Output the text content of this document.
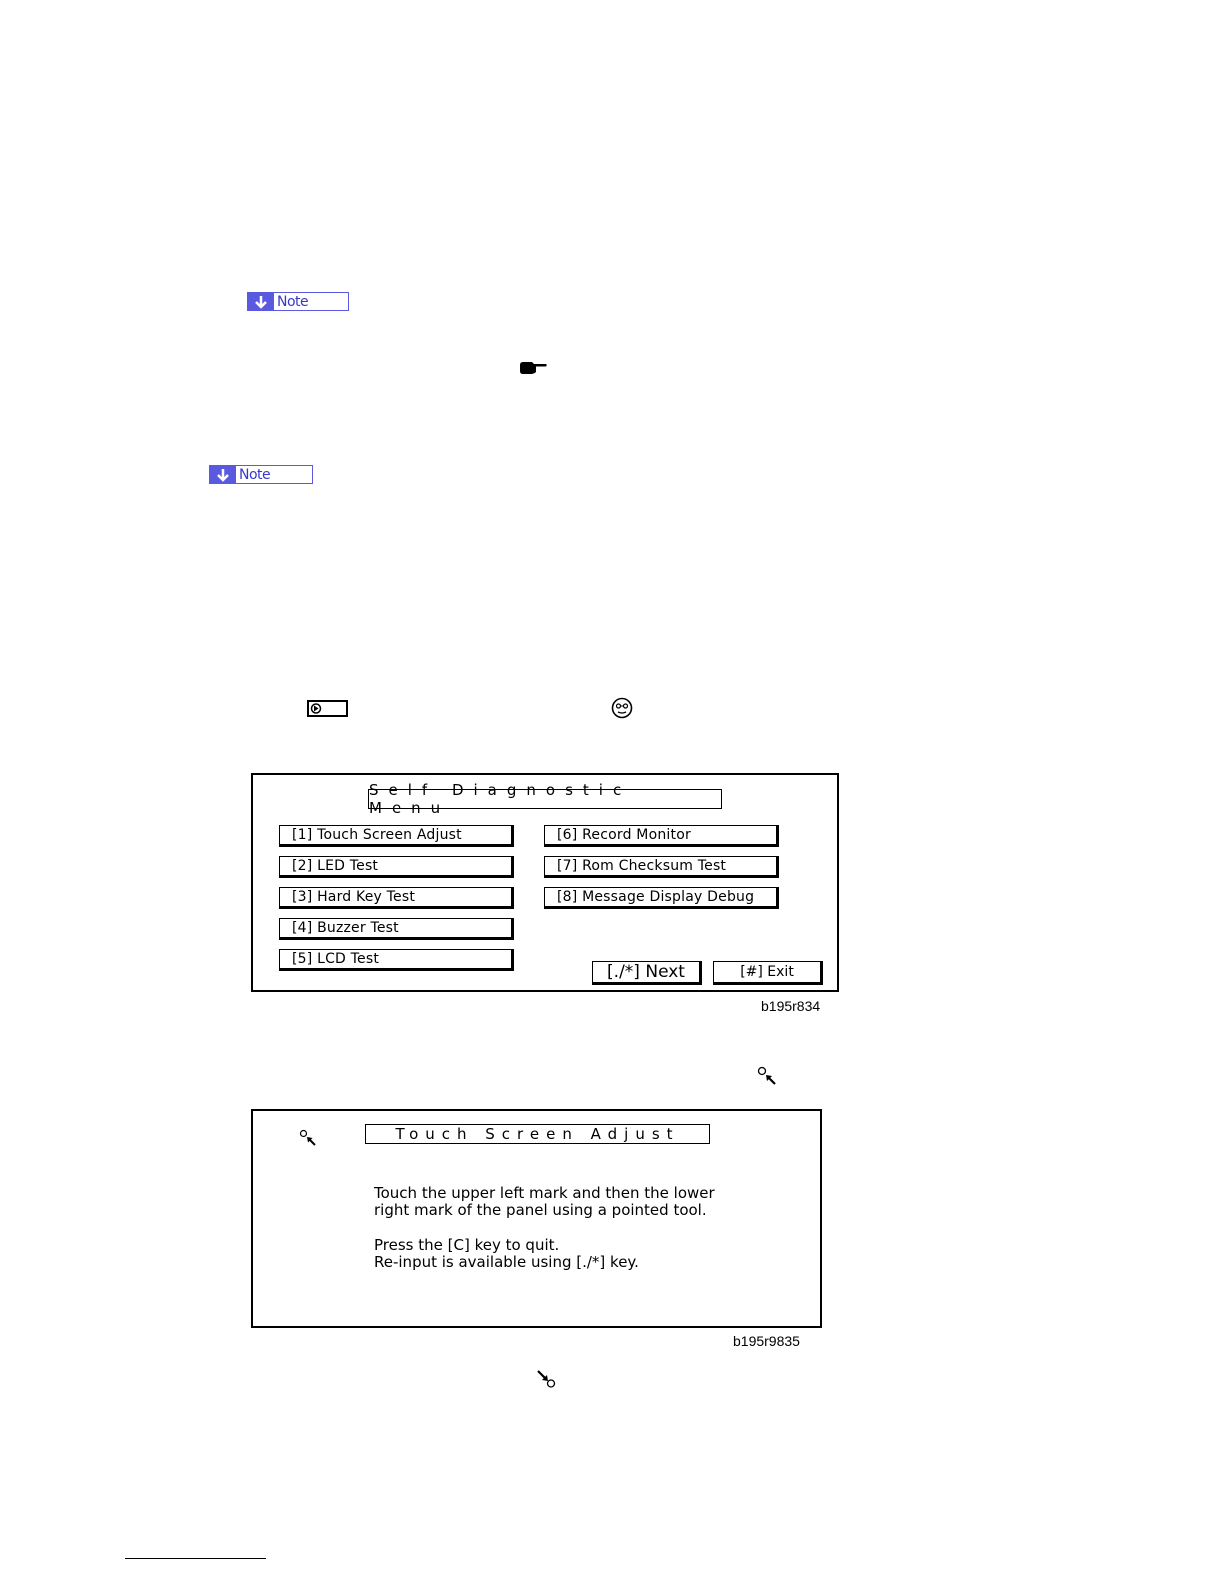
Note
Note
Self Diagnostic Menu
[1] Touch Screen Adjust
[2] LED Test
[3] Hard Key Test
[4] Buzzer Test
[5] LCD Test
[6] Record Monitor
[7] Rom Checksum Test
[8] Message Display Debug
[./*] Next	[#] Exit
b195r834
Touch Screen Adjust
Touch the upper left mark and then the lower
right mark of the panel using a pointed tool.
Press the [C] key to quit.
Re-input is available using [./*] key.
b195r9835
